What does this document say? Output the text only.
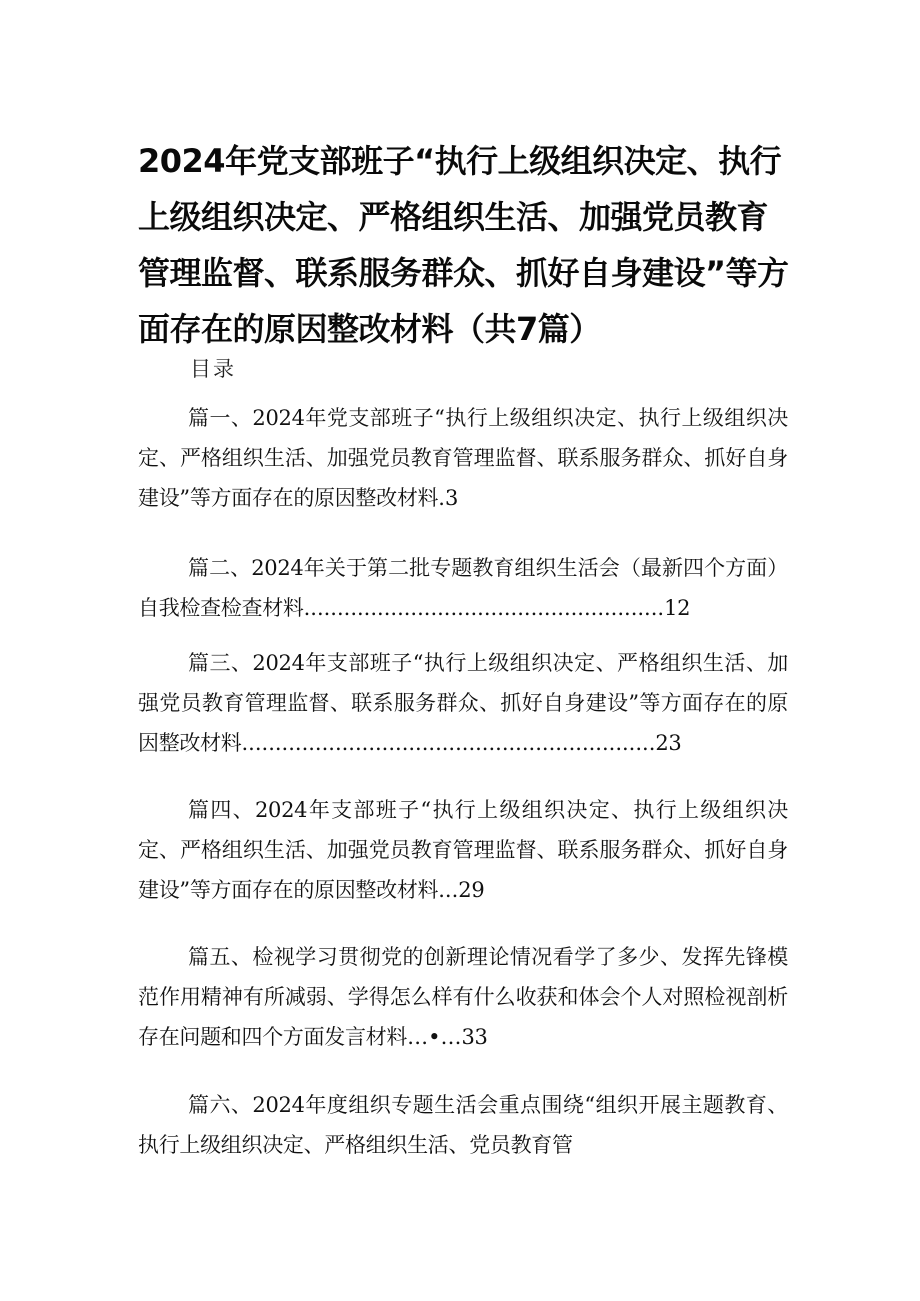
2024年党支部班子“执行上级组织决定、执行上级组织决定、严格组织生活、加强党员教育管理监督、联系服务群众、抓好自身建设”等方面存在的原因整改材料（共7篇）
目录

篇一、2024年党支部班子“执行上级组织决定、执行上级组织决定、严格组织生活、加强党员教育管理监督、联系服务群众、抓好自身建设”等方面存在的原因整改材料.3

篇二、2024年关于第二批专题教育组织生活会（最新四个方面）自我检查检查材料......................................................12

篇三、2024年支部班子“执行上级组织决定、严格组织生活、加强党员教育管理监督、联系服务群众、抓好自身建设”等方面存在的原因整改材料..............................................................23

篇四、2024年支部班子“执行上级组织决定、执行上级组织决定、严格组织生活、加强党员教育管理监督、联系服务群众、抓好自身建设”等方面存在的原因整改材料...29

篇五、检视学习贯彻党的创新理论情况看学了多少、发挥先锋模范作用精神有所减弱、学得怎么样有什么收获和体会个人对照检视剖析存在问题和四个方面发言材料…•…33

篇六、2024年度组织专题生活会重点围绕“组织开展主题教育、执行上级组织决定、严格组织生活、党员教育管
